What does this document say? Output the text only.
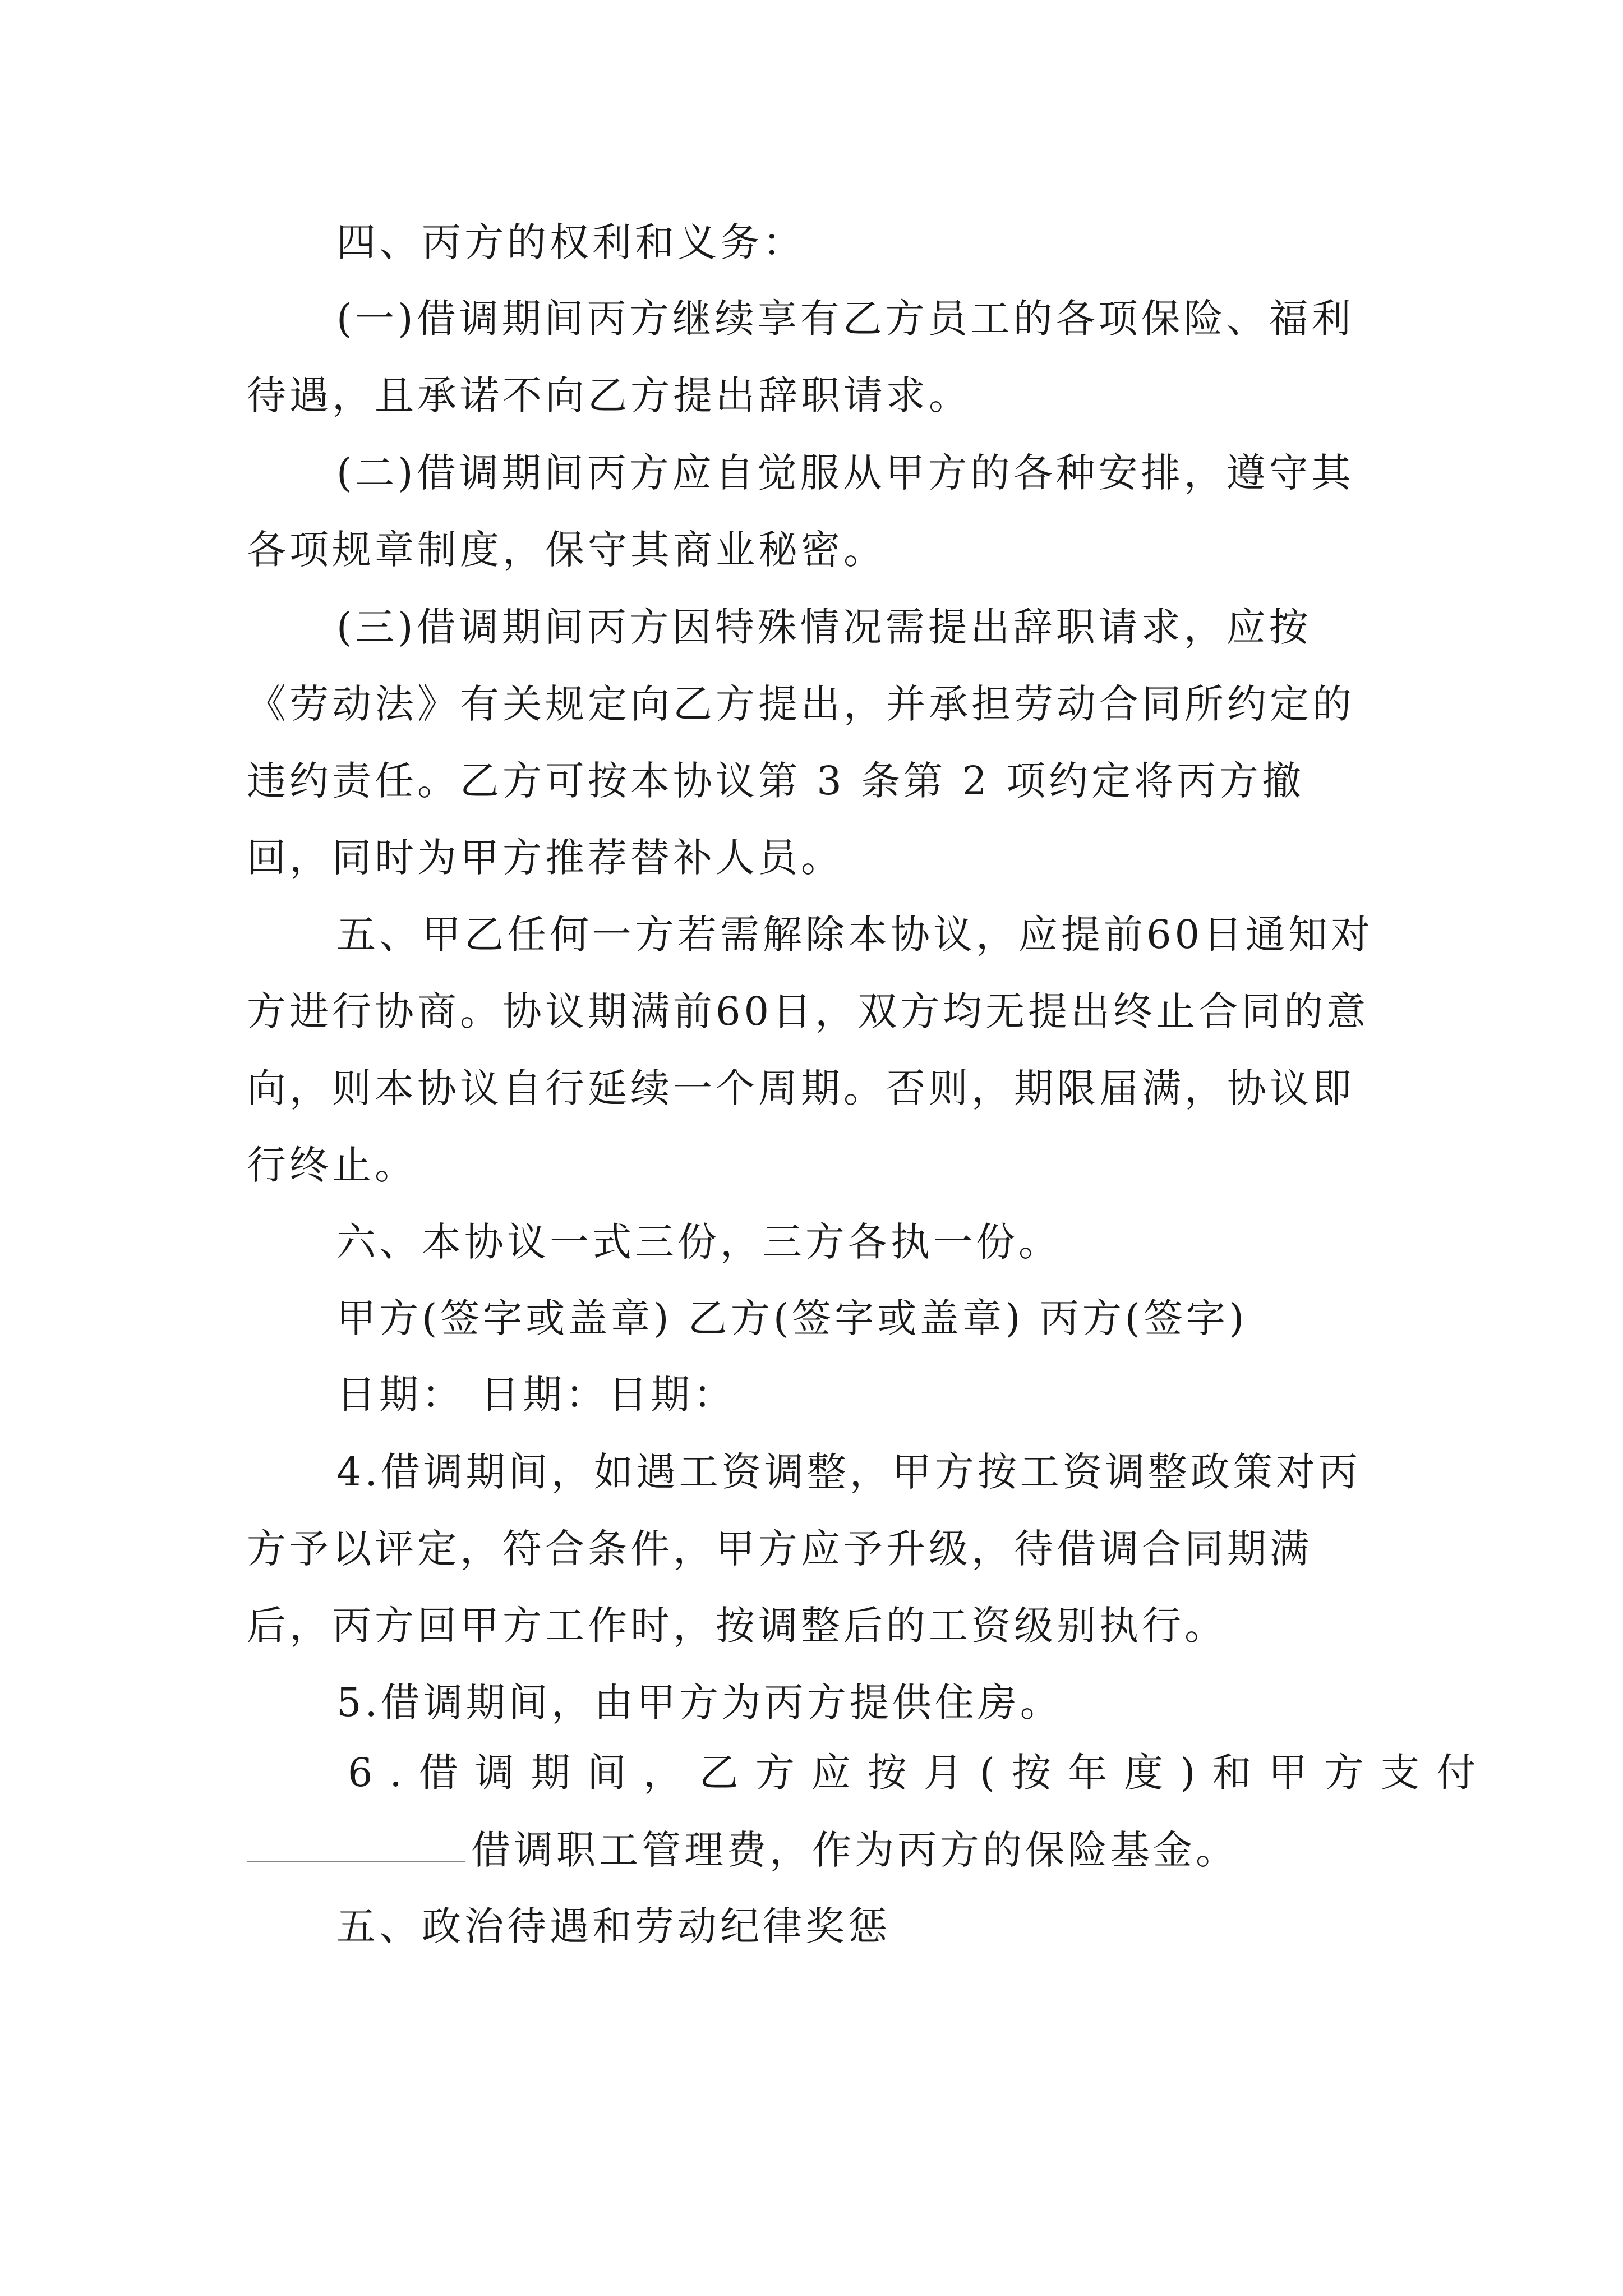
四、丙方的权利和义务：

(一)借调期间丙方继续享有乙方员工的各项保险、福利待遇，且承诺不向乙方提出辞职请求。

(二)借调期间丙方应自觉服从甲方的各种安排，遵守其各项规章制度，保守其商业秘密。

(三)借调期间丙方因特殊情况需提出辞职请求，应按《劳动法》有关规定向乙方提出，并承担劳动合同所约定的违约责任。乙方可按本协议第 3 条第 2 项约定将丙方撤回，同时为甲方推荐替补人员。

五、甲乙任何一方若需解除本协议，应提前60日通知对方进行协商。协议期满前60日，双方均无提出终止合同的意向，则本协议自行延续一个周期。否则，期限届满，协议即行终止。

六、本协议一式三份，三方各执一份。

甲方(签字或盖章) 乙方(签字或盖章) 丙方(签字)

日期： 日期：日期：

4.借调期间，如遇工资调整，甲方按工资调整政策对丙方予以评定，符合条件，甲方应予升级，待借调合同期满后，丙方回甲方工作时，按调整后的工资级别执行。

5.借调期间，由甲方为丙方提供住房。

6.借调期间，乙方应按月(按年度)和甲方支付

借调职工管理费，作为丙方的保险基金。

五、政治待遇和劳动纪律奖惩
